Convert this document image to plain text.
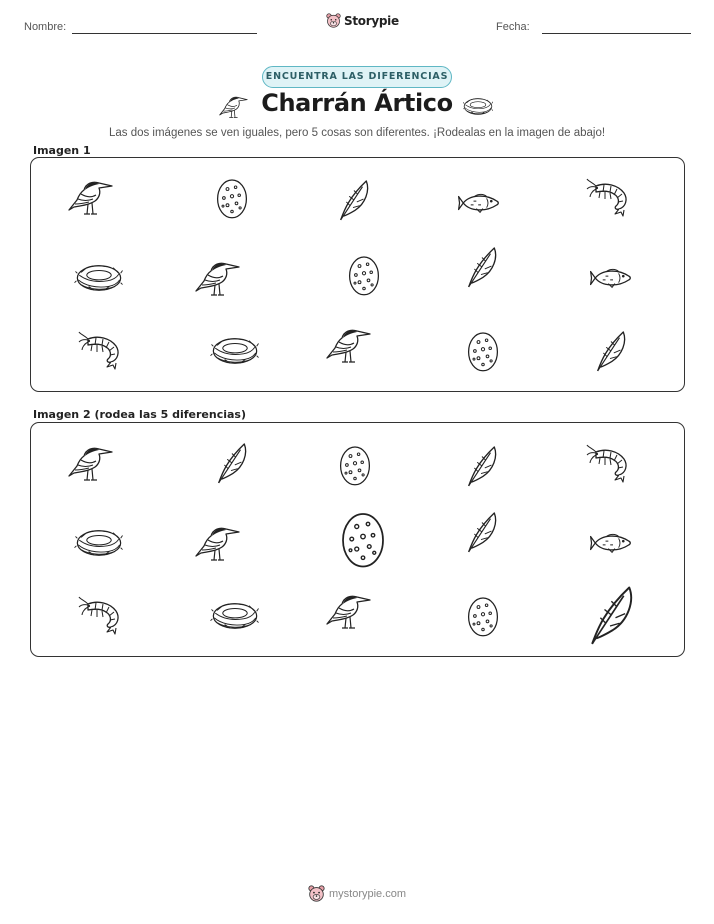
Nombre:	Storypie	Fecha:
ENCUENTRA LAS DIFERENCIAS
Charrán Ártico
Las dos imágenes se ven iguales, pero 5 cosas son diferentes. ¡Rodealas en la imagen de abajo!
Imagen 1
Imagen 2 (rodea las 5 diferencias)
mystorypie.com
